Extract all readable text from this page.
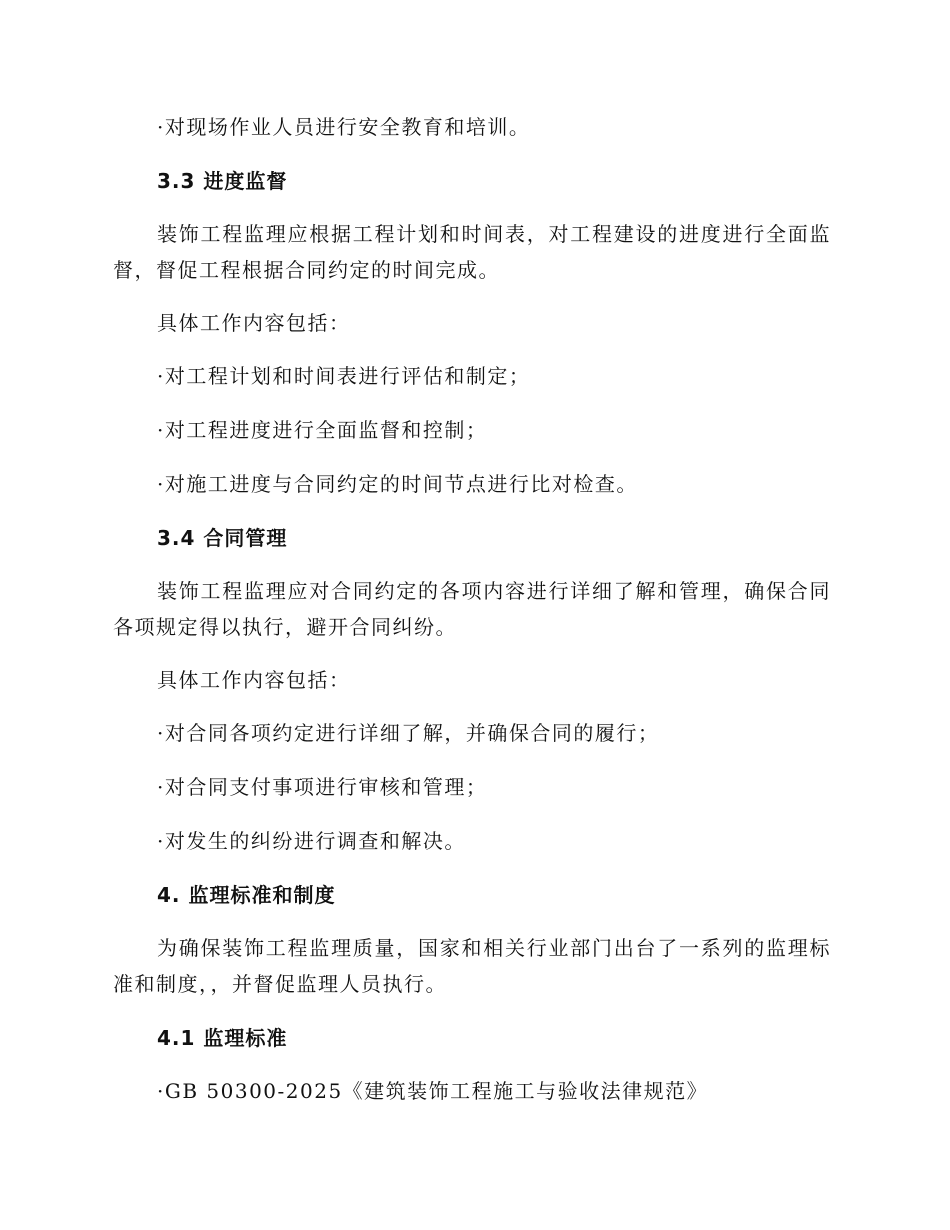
·对现场作业人员进行安全教育和培训。
3.3 进度监督
装饰工程监理应根据工程计划和时间表，对工程建设的进度进行全面监
督，督促工程根据合同约定的时间完成。
具体工作内容包括：
·对工程计划和时间表进行评估和制定；
·对工程进度进行全面监督和控制；
·对施工进度与合同约定的时间节点进行比对检查。
3.4 合同管理
装饰工程监理应对合同约定的各项内容进行详细了解和管理，确保合同
各项规定得以执行，避开合同纠纷。
具体工作内容包括：
·对合同各项约定进行详细了解，并确保合同的履行；
·对合同支付事项进行审核和管理；
·对发生的纠纷进行调查和解决。
4. 监理标准和制度
为确保装饰工程监理质量，国家和相关行业部门出台了一系列的监理标
准和制度，，并督促监理人员执行。
4.1 监理标准
·GB 50300-2025《建筑装饰工程施工与验收法律规范》
